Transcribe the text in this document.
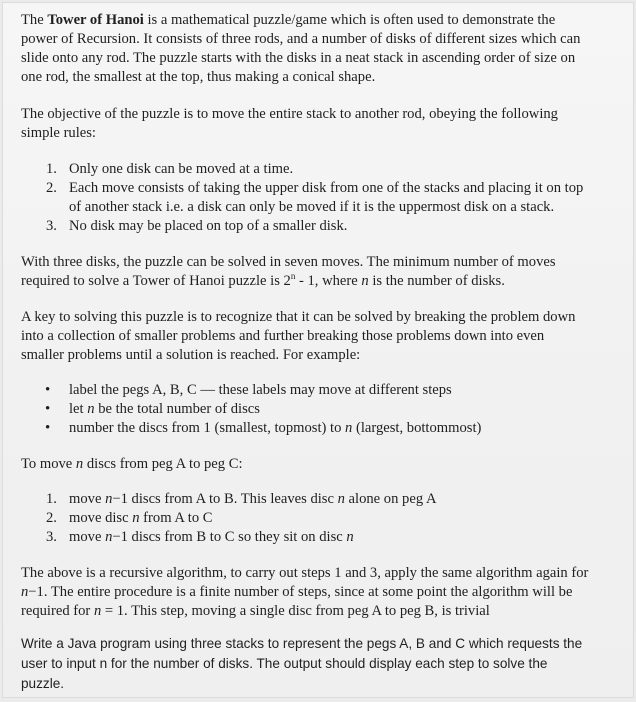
The Tower of Hanoi is a mathematical puzzle/game which is often used to demonstrate the
power of Recursion. It consists of three rods, and a number of disks of different sizes which can
slide onto any rod. The puzzle starts with the disks in a neat stack in ascending order of size on
one rod, the smallest at the top, thus making a conical shape.
The objective of the puzzle is to move the entire stack to another rod, obeying the following
simple rules:
1. Only one disk can be moved at a time.
2. Each move consists of taking the upper disk from one of the stacks and placing it on top
of another stack i.e. a disk can only be moved if it is the uppermost disk on a stack.
3. No disk may be placed on top of a smaller disk.
With three disks, the puzzle can be solved in seven moves. The minimum number of moves
required to solve a Tower of Hanoi puzzle is 2$^n$ - 1, where n is the number of disks.
A key to solving this puzzle is to recognize that it can be solved by breaking the problem down
into a collection of smaller problems and further breaking those problems down into even
smaller problems until a solution is reached. For example:
• label the pegs A, B, C — these labels may move at different steps
• let n be the total number of discs
• number the discs from 1 (smallest, topmost) to n (largest, bottommost)
To move n discs from peg A to peg C:
1. move n−1 discs from A to B. This leaves disc n alone on peg A
2. move disc n from A to C
3. move n−1 discs from B to C so they sit on disc n
The above is a recursive algorithm, to carry out steps 1 and 3, apply the same algorithm again for
n−1. The entire procedure is a finite number of steps, since at some point the algorithm will be
required for n = 1. This step, moving a single disc from peg A to peg B, is trivial
Write a Java program using three stacks to represent the pegs A, B and C which requests the
user to input n for the number of disks. The output should display each step to solve the
puzzle.
